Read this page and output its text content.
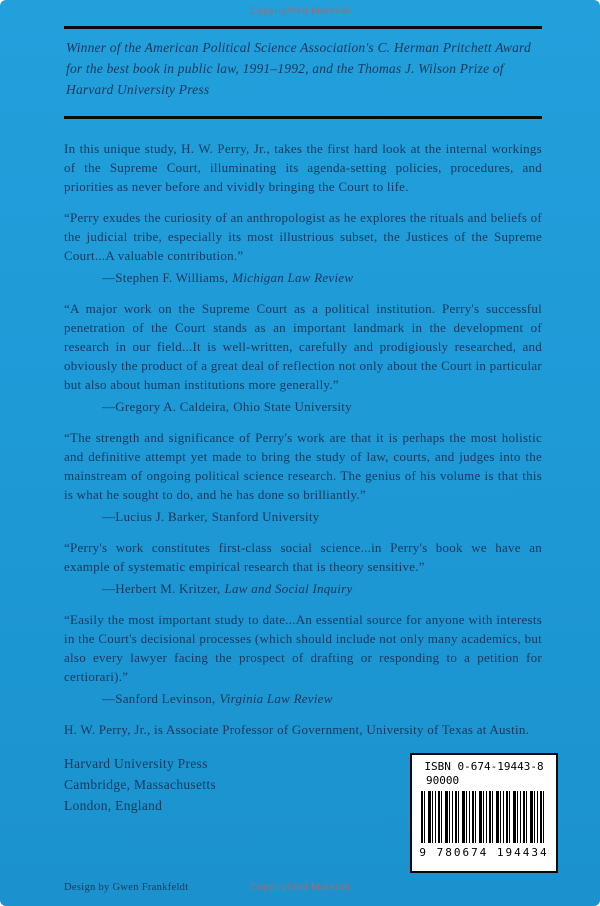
Copyrighted Material
Winner of the American Political Science Association's C. Herman Pritchett Award for the best book in public law, 1991–1992, and the Thomas J. Wilson Prize of Harvard University Press

In this unique study, H. W. Perry, Jr., takes the first hard look at the internal workings of the Supreme Court, illuminating its agenda-setting policies, procedures, and priorities as never before and vividly bringing the Court to life.

“Perry exudes the curiosity of an anthropologist as he explores the rituals and beliefs of the judicial tribe, especially its most illustrious subset, the Justices of the Supreme Court...A valuable contribution.”

—Stephen F. Williams, Michigan Law Review

“A major work on the Supreme Court as a political institution. Perry's successful penetration of the Court stands as an important landmark in the development of research in our field...It is well-written, carefully and prodigiously researched, and obviously the product of a great deal of reflection not only about the Court in particular but also about human institutions more generally.”

—Gregory A. Caldeira, Ohio State University

“The strength and significance of Perry's work are that it is perhaps the most holistic and definitive attempt yet made to bring the study of law, courts, and judges into the mainstream of ongoing political science research. The genius of his volume is that this is what he sought to do, and he has done so brilliantly.”

—Lucius J. Barker, Stanford University

“Perry's work constitutes first-class social science...in Perry's book we have an example of systematic empirical research that is theory sensitive.”

—Herbert M. Kritzer, Law and Social Inquiry

“Easily the most important study to date...An essential source for anyone with interests in the Court's decisional processes (which should include not only many academics, but also every lawyer facing the prospect of drafting or responding to a petition for certiorari).”

—Sanford Levinson, Virginia Law Review

H. W. Perry, Jr., is Associate Professor of Government, University of Texas at Austin.

Harvard University Press
Cambridge, Massachusetts
London, England
ISBN 0-674-19443-8
90000
9 780674 194434
Design by Gwen Frankfeldt	Copyrighted Material
